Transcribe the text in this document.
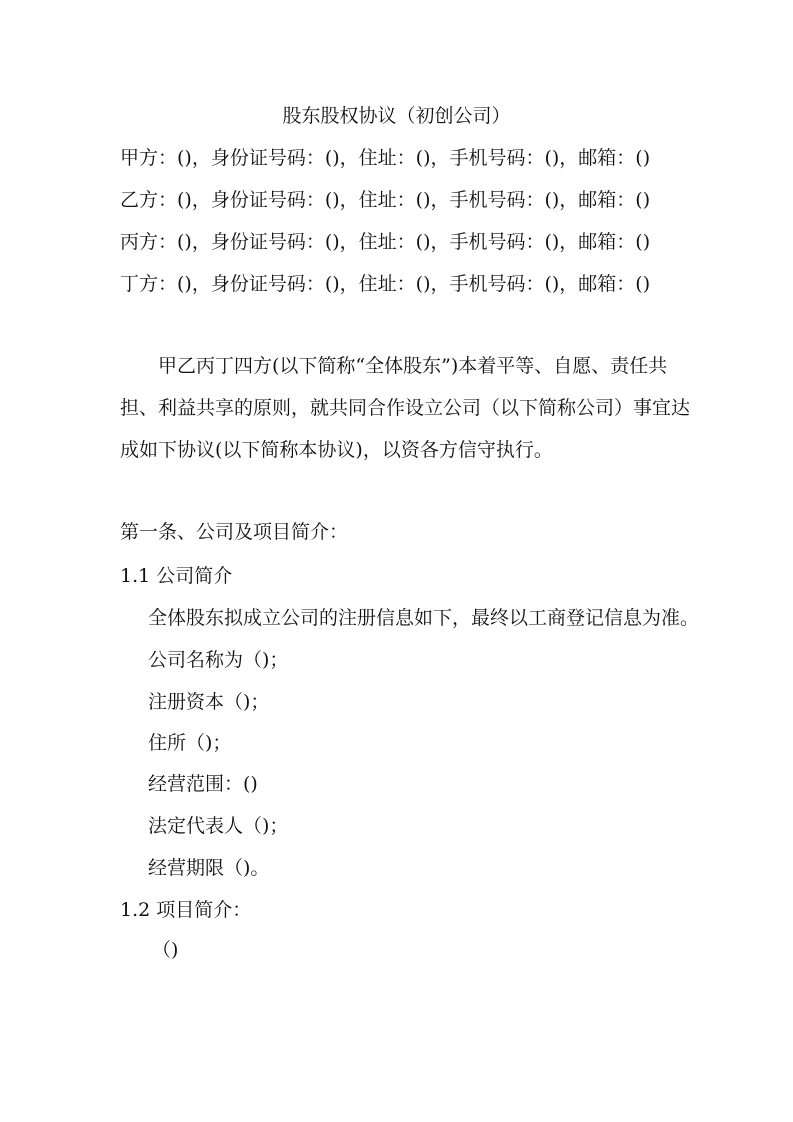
股东股权协议（初创公司）
甲方：()，身份证号码：()，住址：()，手机号码：()，邮箱：()
乙方：()，身份证号码：()，住址：()，手机号码：()，邮箱：()
丙方：()，身份证号码：()，住址：()，手机号码：()，邮箱：()
丁方：()，身份证号码：()，住址：()，手机号码：()，邮箱：()
甲乙丙丁四方(以下简称“全体股东”)本着平等、自愿、责任共
担、利益共享的原则，就共同合作设立公司（以下简称公司）事宜达
成如下协议(以下简称本协议)，以资各方信守执行。
第一条、公司及项目简介：
1.1 公司简介
全体股东拟成立公司的注册信息如下，最终以工商登记信息为准。
公司名称为（)；
注册资本（)；
住所（)；
经营范围：()
法定代表人（)；
经营期限（)。
1.2 项目简介：
（)
